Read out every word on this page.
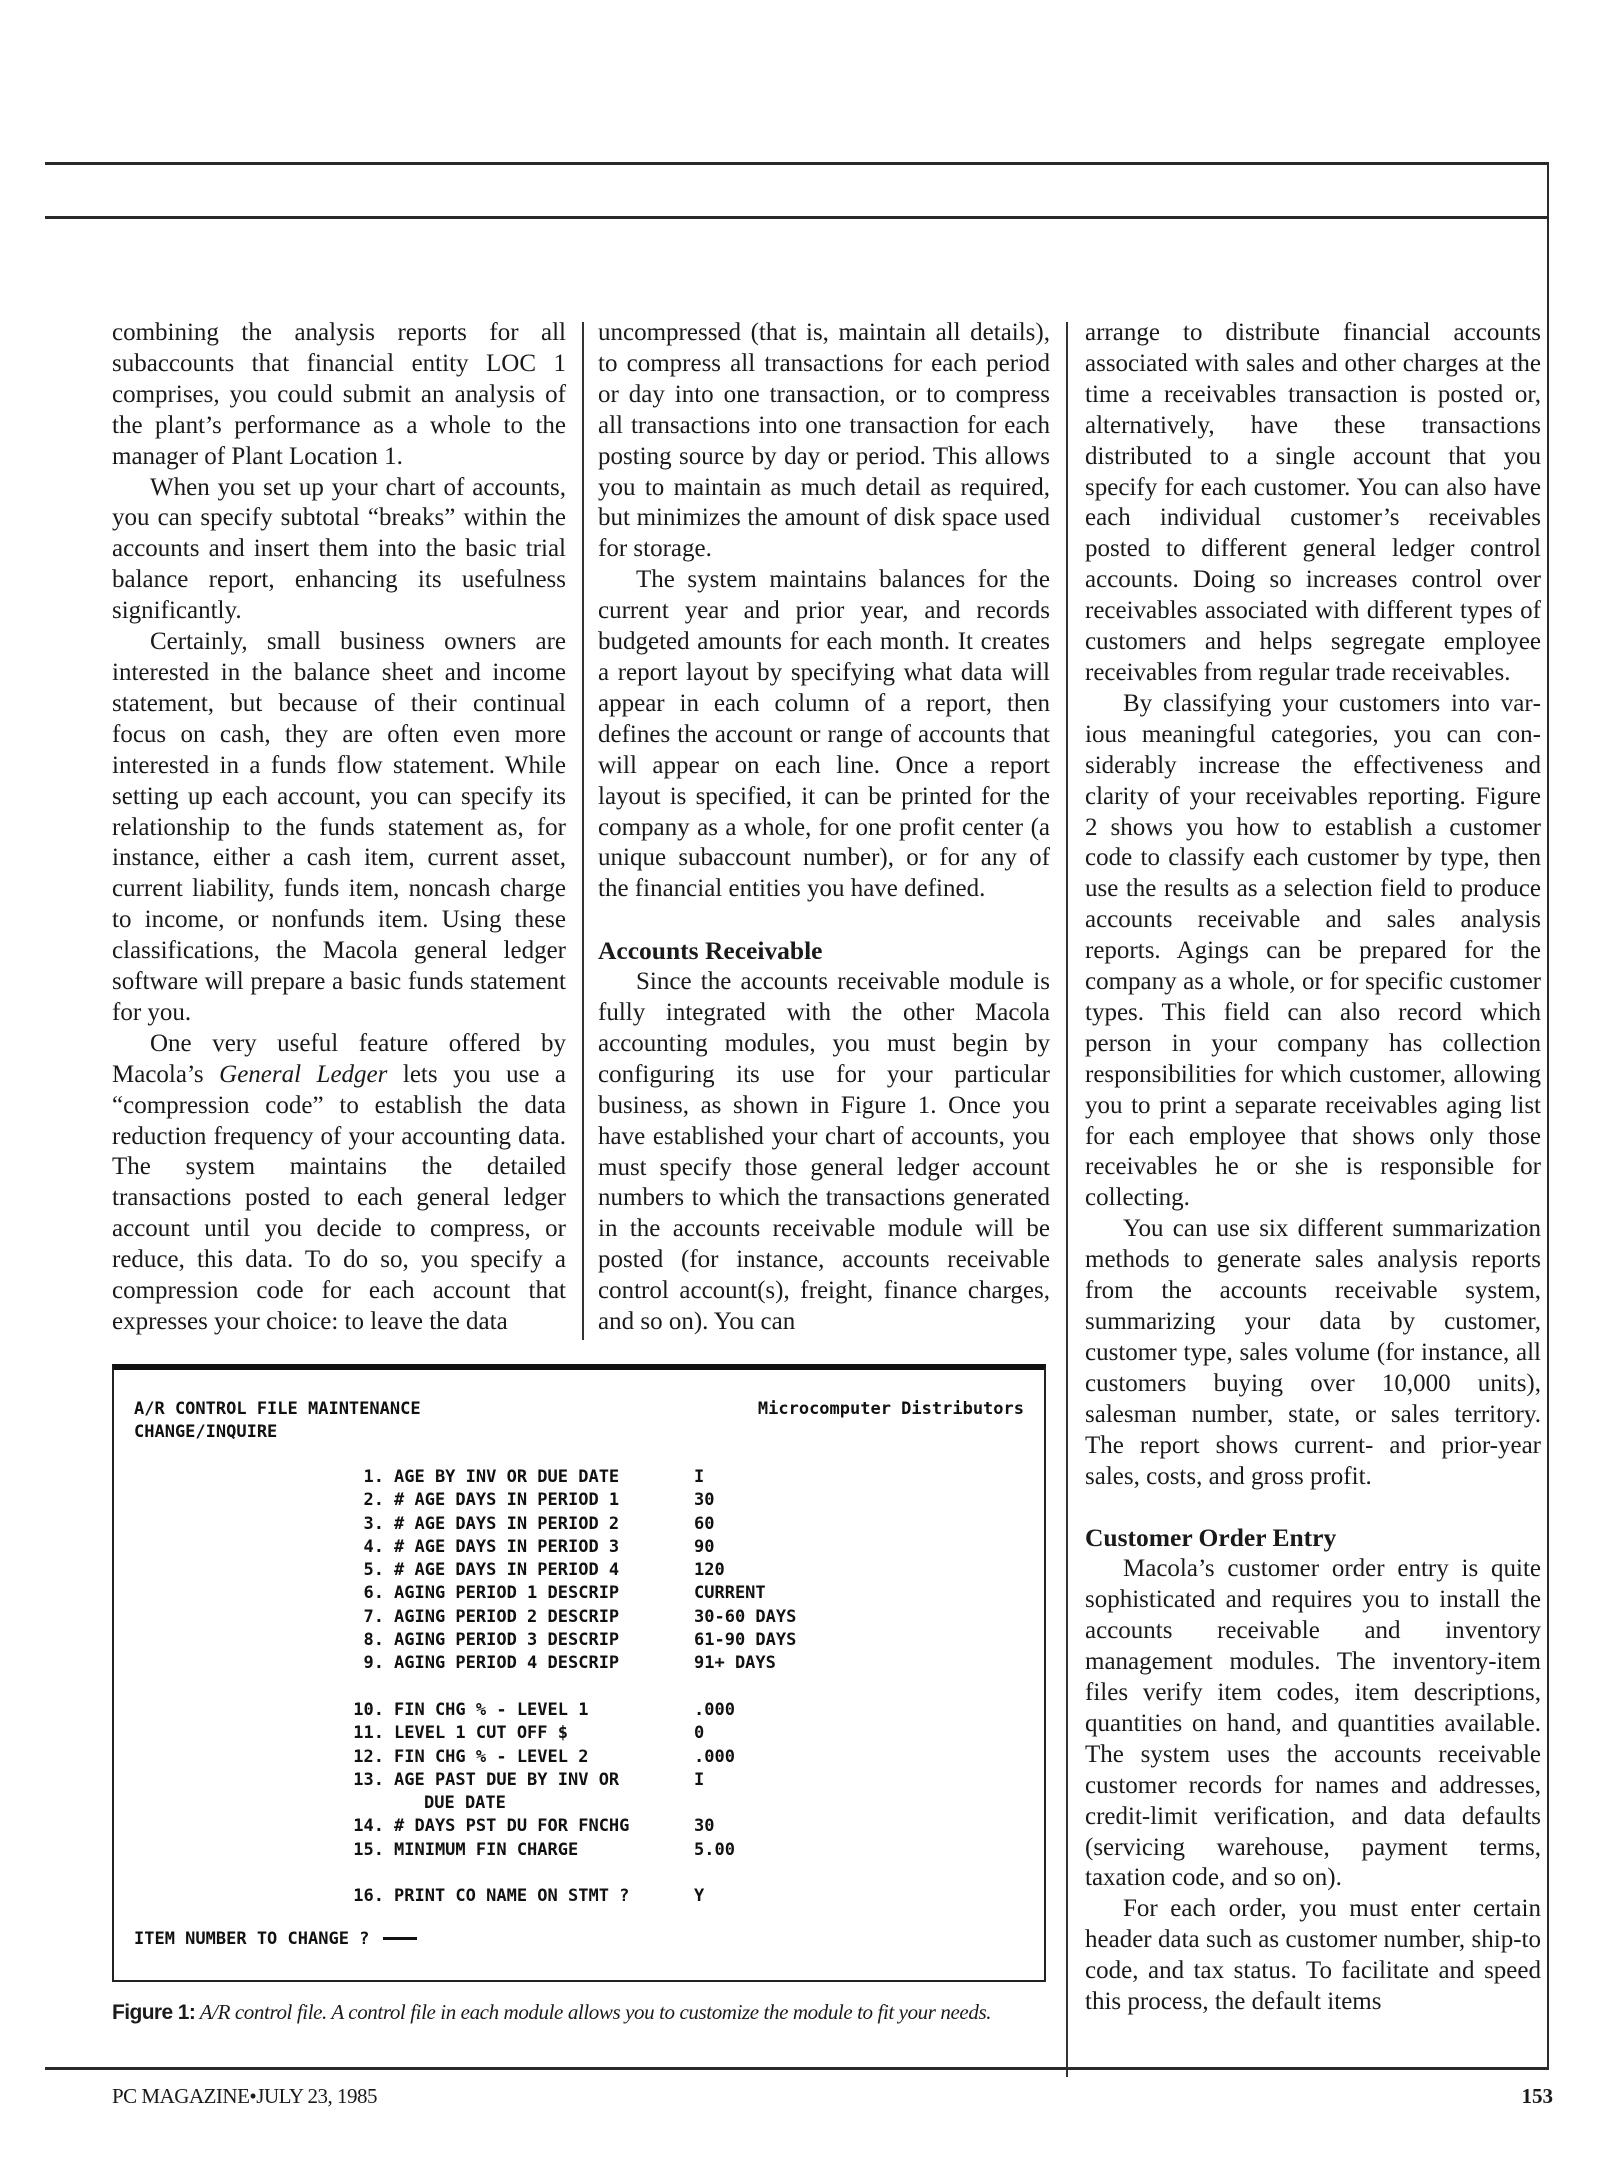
combining the analysis reports for all subaccounts that financial entity LOC 1 comprises, you could submit an analysis of the plant’s performance as a whole to the manager of Plant Location 1.

When you set up your chart of accounts, you can specify subtotal “breaks” within the accounts and insert them into the basic trial balance report, enhancing its usefulness significantly.

Certainly, small business owners are interested in the balance sheet and income statement, but because of their continual focus on cash, they are often even more interested in a funds flow statement. While setting up each account, you can specify its relationship to the funds statement as, for instance, either a cash item, current asset, current liability, funds item, noncash charge to income, or nonfunds item. Using these classifications, the Macola general ledger software will prepare a basic funds statement for you.

One very useful feature offered by Macola’s General Ledger lets you use a “compression code” to establish the data reduction frequency of your accounting data. The system maintains the detailed transactions posted to each general ledger account until you decide to compress, or reduce, this data. To do so, you specify a compression code for each account that expresses your choice: to leave the data

uncompressed (that is, maintain all details), to compress all transactions for each period or day into one transaction, or to compress all transactions into one transaction for each posting source by day or period. This allows you to maintain as much detail as required, but minimizes the amount of disk space used for storage.

The system maintains balances for the current year and prior year, and records budgeted amounts for each month. It creates a report layout by specifying what data will appear in each column of a report, then defines the account or range of accounts that will appear on each line. Once a report layout is specified, it can be printed for the company as a whole, for one profit center (a unique subaccount number), or for any of the financial entities you have defined.

Accounts Receivable

Since the accounts receivable module is fully integrated with the other Macola accounting modules, you must begin by configuring its use for your particular business, as shown in Figure 1. Once you have established your chart of accounts, you must specify those general ledger account numbers to which the transactions generated in the accounts receivable module will be posted (for instance, accounts receivable control account(s), freight, finance charges, and so on). You can

arrange to distribute financial accounts associated with sales and other charges at the time a receivables transaction is posted or, alternatively, have these transactions distributed to a single account that you specify for each customer. You can also have each individual customer’s receivables posted to different general ledger control accounts. Doing so increases control over receivables associated with different types of customers and helps segregate employee receivables from regular trade receivables.

By classifying your customers into various meaningful categories, you can considerably increase the effectiveness and clarity of your receivables reporting. Figure 2 shows you how to establish a customer code to classify each customer by type, then use the results as a selection field to produce accounts receivable and sales analysis reports. Agings can be prepared for the company as a whole, or for specific customer types. This field can also record which person in your company has collection responsibilities for which customer, allowing you to print a separate receivables aging list for each employee that shows only those receivables he or she is responsible for collecting.

You can use six different summarization methods to generate sales analysis reports from the accounts receivable system, summarizing your data by customer, customer type, sales volume (for instance, all customers buying over 10,000 units), salesman number, state, or sales territory. The report shows current- and prior-year sales, costs, and gross profit.

Customer Order Entry

Macola’s customer order entry is quite sophisticated and requires you to install the accounts receivable and inventory management modules. The inventory-item files verify item codes, item descriptions, quantities on hand, and quantities available. The system uses the accounts receivable customer records for names and addresses, credit-limit verification, and data defaults (servicing warehouse, payment terms, taxation code, and so on).

For each order, you must enter certain header data such as customer number, ship-to code, and tax status. To facilitate and speed this process, the default items

A/R CONTROL FILE MAINTENANCE
CHANGE/INQUIRE
Microcomputer Distributors
1. AGE BY INV OR DUE DATE	I
2. # AGE DAYS IN PERIOD 1	30
3. # AGE DAYS IN PERIOD 2	60
4. # AGE DAYS IN PERIOD 3	90
5. # AGE DAYS IN PERIOD 4	120
6. AGING PERIOD 1 DESCRIP	CURRENT
7. AGING PERIOD 2 DESCRIP	30-60 DAYS
8. AGING PERIOD 3 DESCRIP	61-90 DAYS
9. AGING PERIOD 4 DESCRIP	91+ DAYS
10. FIN CHG % - LEVEL 1	.000
11. LEVEL 1 CUT OFF $	0
12. FIN CHG % - LEVEL 2	.000
13. AGE PAST DUE BY INV OR	I
DUE DATE
14. # DAYS PST DU FOR FNCHG	30
15. MINIMUM FIN CHARGE	5.00
16. PRINT CO NAME ON STMT ?	Y
ITEM NUMBER TO CHANGE ?
Figure 1: A/R control file. A control file in each module allows you to customize the module to fit your needs.
PC MAGAZINE•JULY 23, 1985	153
